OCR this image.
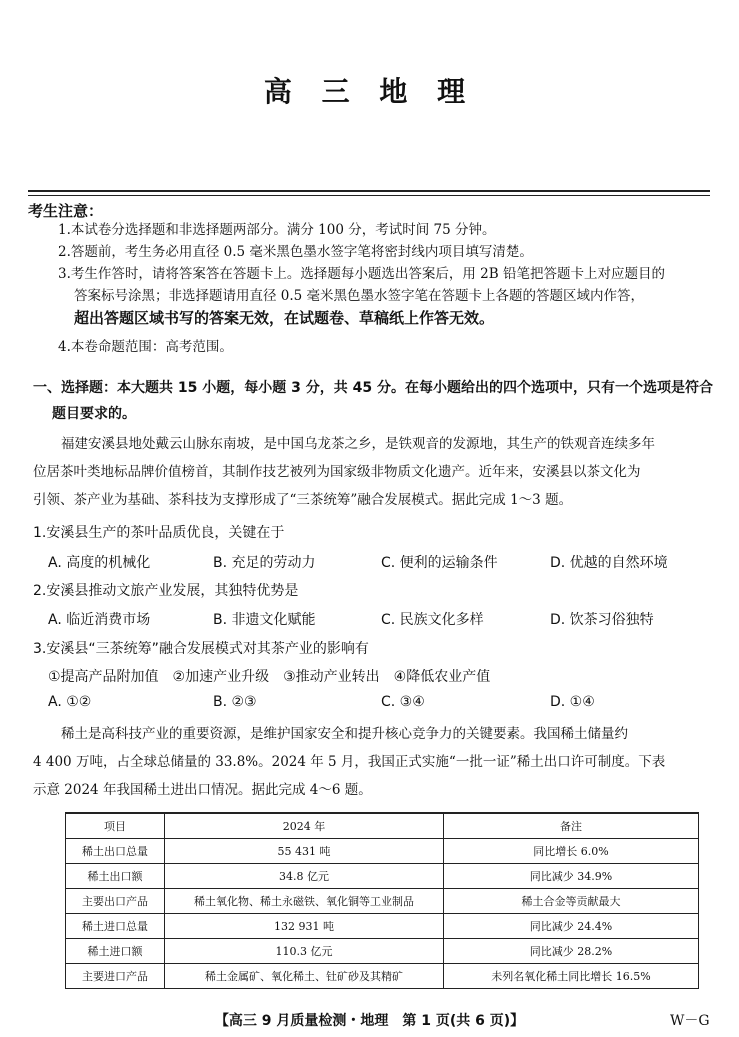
高 三 地 理
考生注意：
1.本试卷分选择题和非选择题两部分。满分 100 分，考试时间 75 分钟。
2.答题前，考生务必用直径 0.5 毫米黑色墨水签字笔将密封线内项目填写清楚。
3.考生作答时，请将答案答在答题卡上。选择题每小题选出答案后，用 2B 铅笔把答题卡上对应题目的
答案标号涂黑；非选择题请用直径 0.5 毫米黑色墨水签字笔在答题卡上各题的答题区域内作答，
超出答题区域书写的答案无效，在试题卷、草稿纸上作答无效。
4.本卷命题范围：高考范围。
一、选择题：本大题共 15 小题，每小题 3 分，共 45 分。在每小题给出的四个选项中，只有一个选项是符合
题目要求的。
福建安溪县地处戴云山脉东南坡，是中国乌龙茶之乡，是铁观音的发源地，其生产的铁观音连续多年
位居茶叶类地标品牌价值榜首，其制作技艺被列为国家级非物质文化遗产。近年来，安溪县以茶文化为
引领、茶产业为基础、茶科技为支撑形成了“三茶统筹”融合发展模式。据此完成 1～3 题。
1.安溪县生产的茶叶品质优良，关键在于
A. 高度的机械化	B. 充足的劳动力	C. 便利的运输条件	D. 优越的自然环境
2.安溪县推动文旅产业发展，其独特优势是
A. 临近消费市场	B. 非遗文化赋能	C. 民族文化多样	D. 饮茶习俗独特
3.安溪县“三茶统筹”融合发展模式对其茶产业的影响有
①提高产品附加值　②加速产业升级　③推动产业转出　④降低农业产值
A. ①②	B. ②③	C. ③④	D. ①④
稀土是高科技产业的重要资源，是维护国家安全和提升核心竞争力的关键要素。我国稀土储量约
4 400 万吨，占全球总储量的 33.8%。2024 年 5 月，我国正式实施“一批一证”稀土出口许可制度。下表
示意 2024 年我国稀土进出口情况。据此完成 4～6 题。
项目	2024 年	备注
稀土出口总量	55 431 吨	同比增长 6.0%
稀土出口额	34.8 亿元	同比减少 34.9%
主要出口产品	稀土氧化物、稀土永磁铁、氧化铜等工业制品	稀土合金等贡献最大
稀土进口总量	132 931 吨	同比减少 24.4%
稀土进口额	110.3 亿元	同比减少 28.2%
主要进口产品	稀土金属矿、氧化稀土、钍矿砂及其精矿	未列名氧化稀土同比增长 16.5%
【高三 9 月质量检测・地理　第 1 页(共 6 页)】	W－G
